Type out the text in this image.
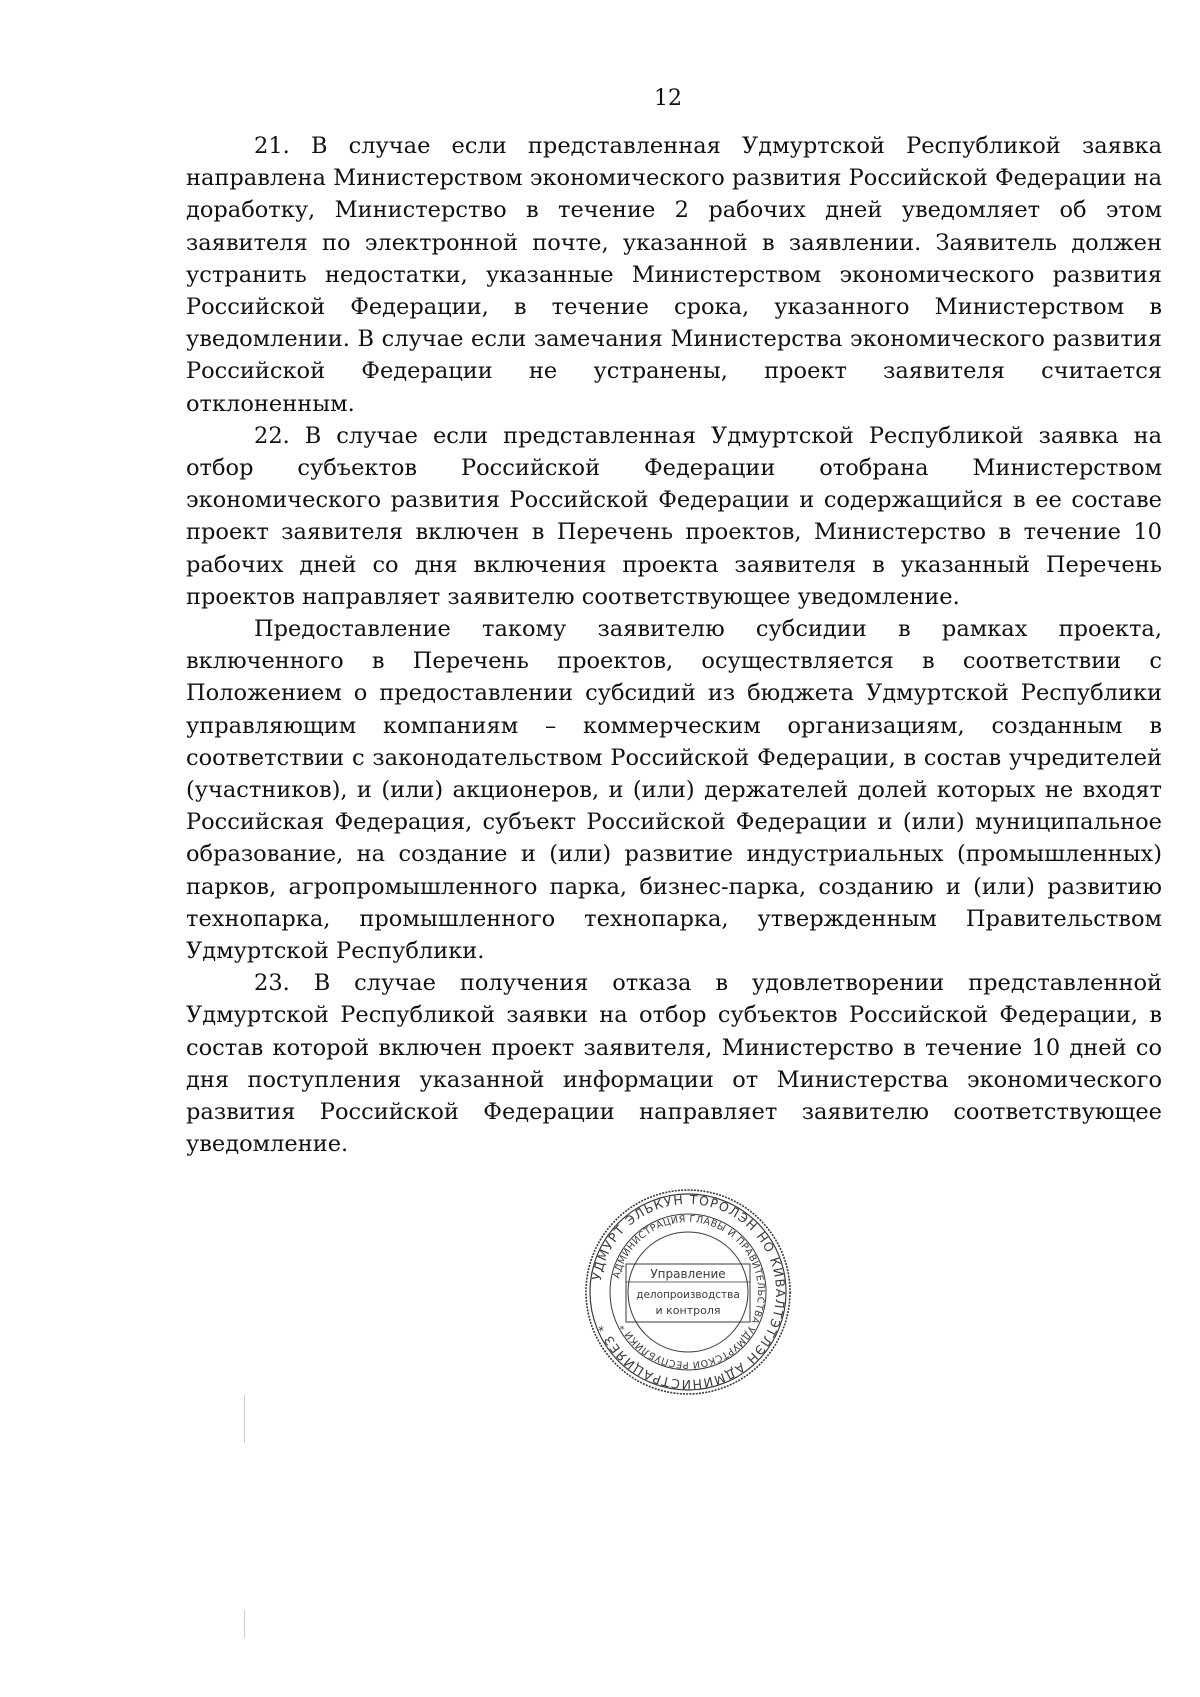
12

21. В случае если представленная Удмуртской Республикой заявка направлена Министерством экономического развития Российской Федерации на доработку, Министерство в течение 2 рабочих дней уведомляет об этом заявителя по электронной почте, указанной в заявлении. Заявитель должен устранить недостатки, указанные Министерством экономического развития Российской Федерации, в течение срока, указанного Министерством в уведомлении. В случае если замечания Министерства экономического развития Российской Федерации не устранены, проект заявителя считается отклоненным.

22. В случае если представленная Удмуртской Республикой заявка на отбор субъектов Российской Федерации отобрана Министерством экономического развития Российской Федерации и содержащийся в ее составе проект заявителя включен в Перечень проектов, Министерство в течение 10 рабочих дней со дня включения проекта заявителя в указанный Перечень проектов направляет заявителю соответствующее уведомление.

Предоставление такому заявителю субсидии в рамках проекта, включенного в Перечень проектов, осуществляется в соответствии с Положением о предоставлении субсидий из бюджета Удмуртской Республики управляющим компаниям – коммерческим организациям, созданным в соответствии с законодательством Российской Федерации, в состав учредителей (участников), и (или) акционеров, и (или) держателей долей которых не входят Российская Федерация, субъект Российской Федерации и (или) муниципальное образование, на создание и (или) развитие индустриальных (промышленных) парков, агропромышленного парка, бизнес-парка, созданию и (или) развитию технопарка, промышленного технопарка, утвержденным Правительством Удмуртской Республики.

23. В случае получения отказа в удовлетворении представленной Удмуртской Республикой заявки на отбор субъектов Российской Федерации, в состав которой включен проект заявителя, Министерство в течение 10 дней со дня поступления указанной информации от Министерства экономического развития Российской Федерации направляет заявителю соответствующее уведомление.

УДМУРТ ЭЛЬКУН ТОРОЛЭН НО КИВАЛТЭТЛЭН АДМИНИСТРАЦИЯЕЗ *
АДМИНИСТРАЦИЯ ГЛАВЫ И ПРАВИТЕЛЬСТВА УДМУРТСКОЙ РЕСПУБЛИКИ *
Управление
делопроизводства
и контроля
